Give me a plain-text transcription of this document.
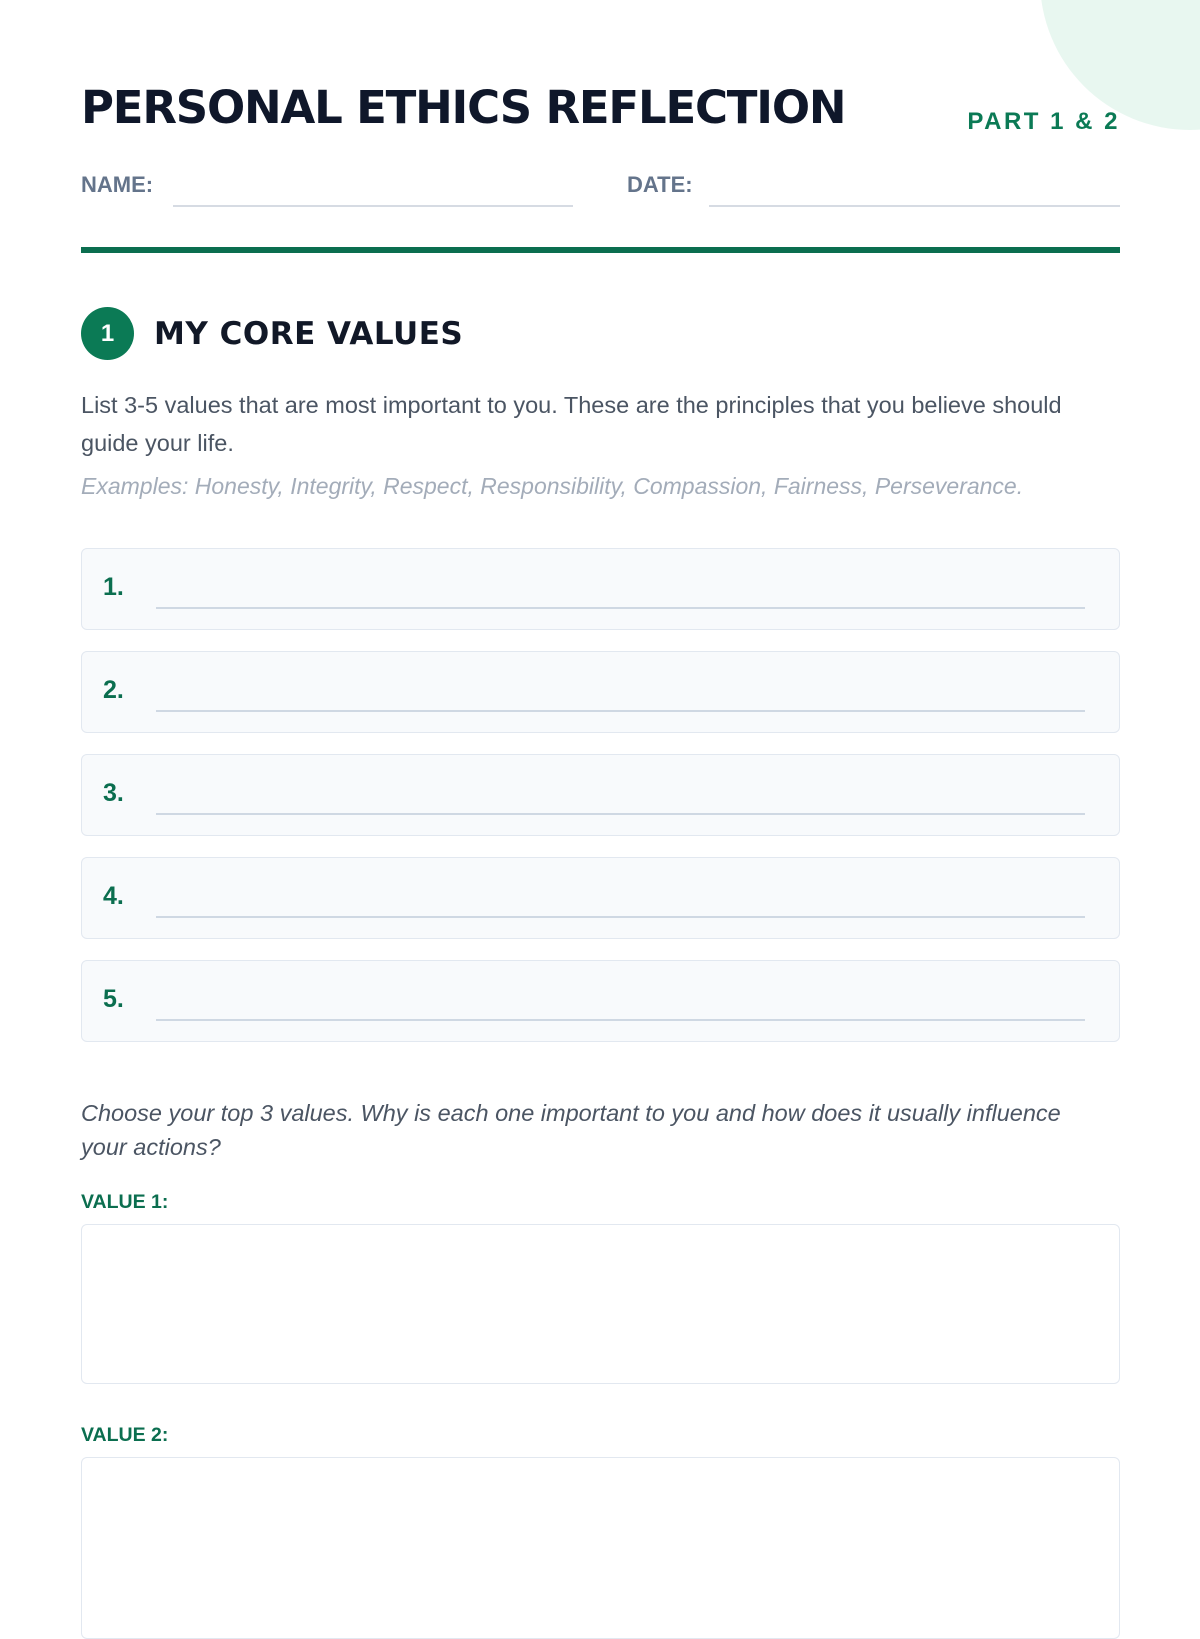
PERSONAL ETHICS REFLECTION	PART 1 & 2
NAME:	DATE:
1	MY CORE VALUES

List 3-5 values that are most important to you. These are the principles that you believe should guide your life.

Examples: Honesty, Integrity, Respect, Responsibility, Compassion, Fairness, Perseverance.

1.
2.
3.
4.
5.

Choose your top 3 values. Why is each one important to you and how does it usually influence your actions?

VALUE 1:
VALUE 2:
